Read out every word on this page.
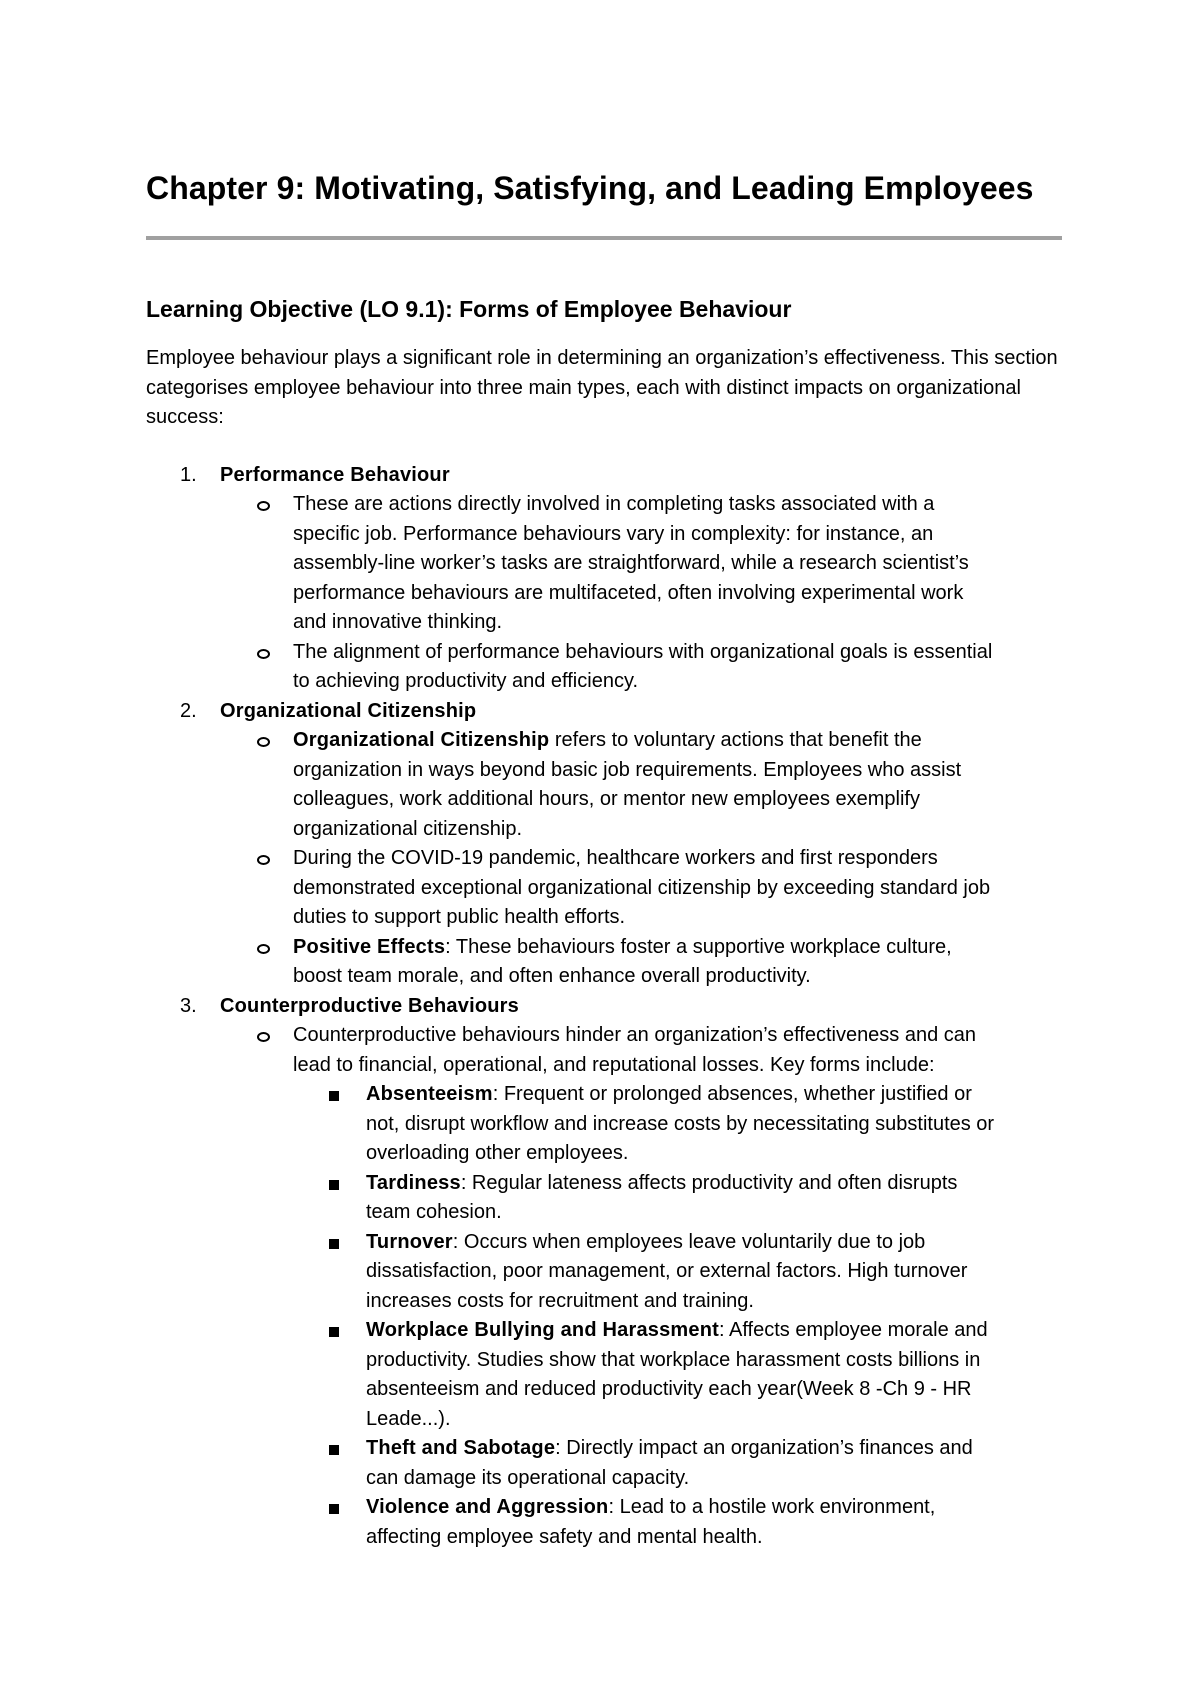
Chapter 9: Motivating, Satisfying, and Leading Employees
Learning Objective (LO 9.1): Forms of Employee Behaviour

Employee behaviour plays a significant role in determining an organization’s effectiveness. This section categorises employee behaviour into three main types, each with distinct impacts on organizational success:

1. Performance Behaviour
These are actions directly involved in completing tasks associated with a specific job. Performance behaviours vary in complexity: for instance, an assembly-line worker’s tasks are straightforward, while a research scientist’s performance behaviours are multifaceted, often involving experimental work and innovative thinking.
The alignment of performance behaviours with organizational goals is essential to achieving productivity and efficiency.
2. Organizational Citizenship
Organizational Citizenship refers to voluntary actions that benefit the organization in ways beyond basic job requirements. Employees who assist colleagues, work additional hours, or mentor new employees exemplify organizational citizenship.
During the COVID-19 pandemic, healthcare workers and first responders demonstrated exceptional organizational citizenship by exceeding standard job duties to support public health efforts.
Positive Effects: These behaviours foster a supportive workplace culture, boost team morale, and often enhance overall productivity.
3. Counterproductive Behaviours
Counterproductive behaviours hinder an organization’s effectiveness and can lead to financial, operational, and reputational losses. Key forms include:
Absenteeism: Frequent or prolonged absences, whether justified or not, disrupt workflow and increase costs by necessitating substitutes or overloading other employees.
Tardiness: Regular lateness affects productivity and often disrupts team cohesion.
Turnover: Occurs when employees leave voluntarily due to job dissatisfaction, poor management, or external factors. High turnover increases costs for recruitment and training.
Workplace Bullying and Harassment: Affects employee morale and productivity. Studies show that workplace harassment costs billions in absenteeism and reduced productivity each year(Week 8 -Ch 9 - HR Leade...).
Theft and Sabotage: Directly impact an organization’s finances and can damage its operational capacity.
Violence and Aggression: Lead to a hostile work environment, affecting employee safety and mental health.
